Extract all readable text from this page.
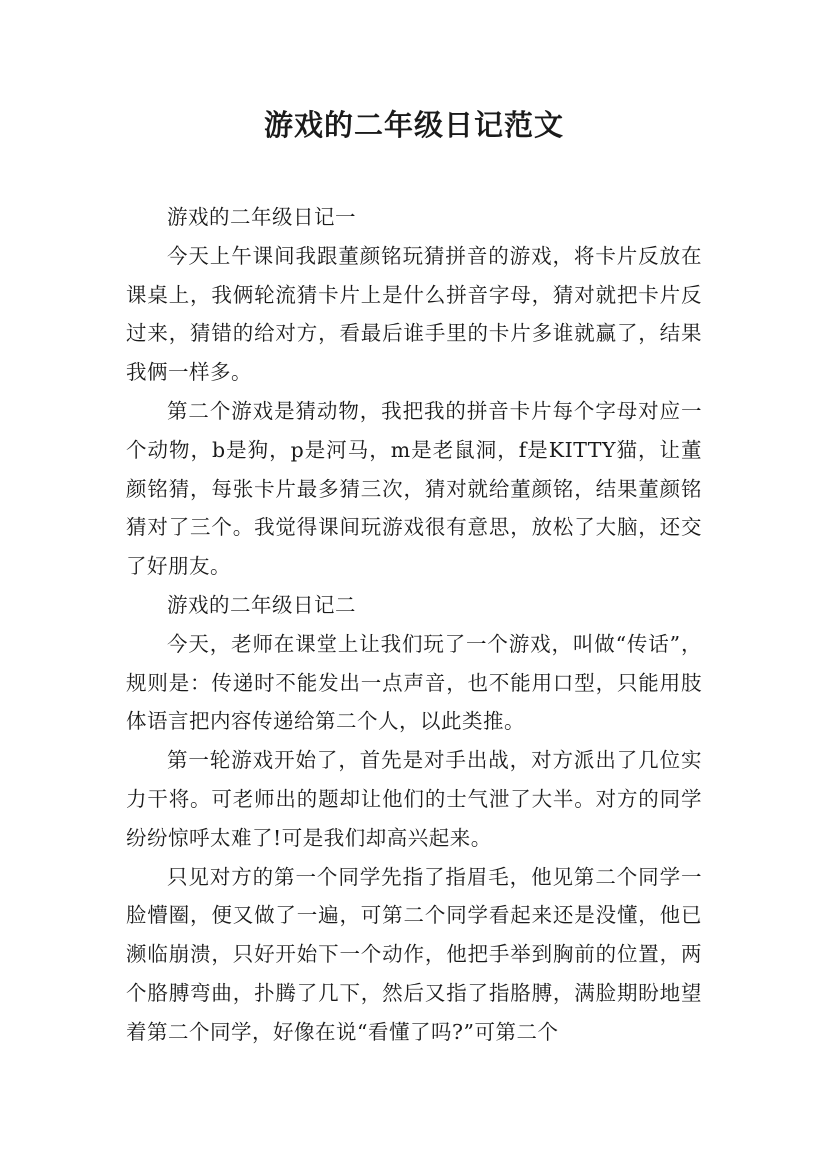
游戏的二年级日记范文

游戏的二年级日记一

今天上午课间我跟董颜铭玩猜拼音的游戏，将卡片反放在课桌上，我俩轮流猜卡片上是什么拼音字母，猜对就把卡片反过来，猜错的给对方，看最后谁手里的卡片多谁就赢了，结果我俩一样多。

第二个游戏是猜动物，我把我的拼音卡片每个字母对应一个动物，b是狗，p是河马，m是老鼠洞，f是KITTY猫，让董颜铭猜，每张卡片最多猜三次，猜对就给董颜铭，结果董颜铭猜对了三个。我觉得课间玩游戏很有意思，放松了大脑，还交了好朋友。

游戏的二年级日记二

今天，老师在课堂上让我们玩了一个游戏，叫做“传话”，规则是：传递时不能发出一点声音，也不能用口型，只能用肢体语言把内容传递给第二个人，以此类推。

第一轮游戏开始了，首先是对手出战，对方派出了几位实力干将。可老师出的题却让他们的士气泄了大半。对方的同学纷纷惊呼太难了!可是我们却高兴起来。

只见对方的第一个同学先指了指眉毛，他见第二个同学一脸懵圈，便又做了一遍，可第二个同学看起来还是没懂，他已濒临崩溃，只好开始下一个动作，他把手举到胸前的位置，两个胳膊弯曲，扑腾了几下，然后又指了指胳膊，满脸期盼地望着第二个同学，好像在说“看懂了吗?”可第二个
